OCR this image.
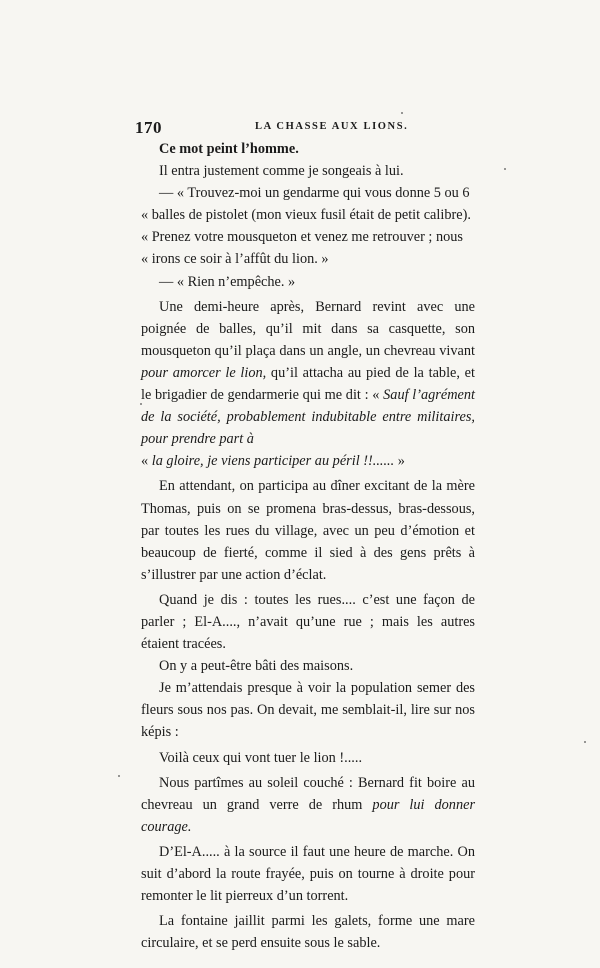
170	LA CHASSE AUX LIONS.

Ce mot peint l’homme.

Il entra justement comme je songeais à lui.

— « Trouvez-moi un gendarme qui vous donne 5 ou 6

« balles de pistolet (mon vieux fusil était de petit calibre).

« Prenez votre mousqueton et venez me retrouver ; nous

« irons ce soir à l’affût du lion. »

— « Rien n’empêche. »

Une demi-heure après, Bernard revint avec une poignée de balles, qu’il mit dans sa casquette, son mousqueton qu’il plaça dans un angle, un chevreau vivant pour amorcer le lion, qu’il attacha au pied de la table, et le brigadier de gendarmerie qui me dit : « Sauf l’agrément de la société, probablement indubitable entre militaires, pour prendre part à

« la gloire, je viens participer au péril !!...... »

En attendant, on participa au dîner excitant de la mère Thomas, puis on se promena bras-dessus, bras-dessous, par toutes les rues du village, avec un peu d’émotion et beaucoup de fierté, comme il sied à des gens prêts à s’illustrer par une action d’éclat.

Quand je dis : toutes les rues.... c’est une façon de parler ; El-A...., n’avait qu’une rue ; mais les autres étaient tracées.

On y a peut-être bâti des maisons.

Je m’attendais presque à voir la population semer des fleurs sous nos pas. On devait, me semblait-il, lire sur nos képis :

Voilà ceux qui vont tuer le lion !.....

Nous partîmes au soleil couché : Bernard fit boire au chevreau un grand verre de rhum pour lui donner courage.

D’El-A..... à la source il faut une heure de marche. On suit d’abord la route frayée, puis on tourne à droite pour remonter le lit pierreux d’un torrent.

La fontaine jaillit parmi les galets, forme une mare circulaire, et se perd ensuite sous le sable.
